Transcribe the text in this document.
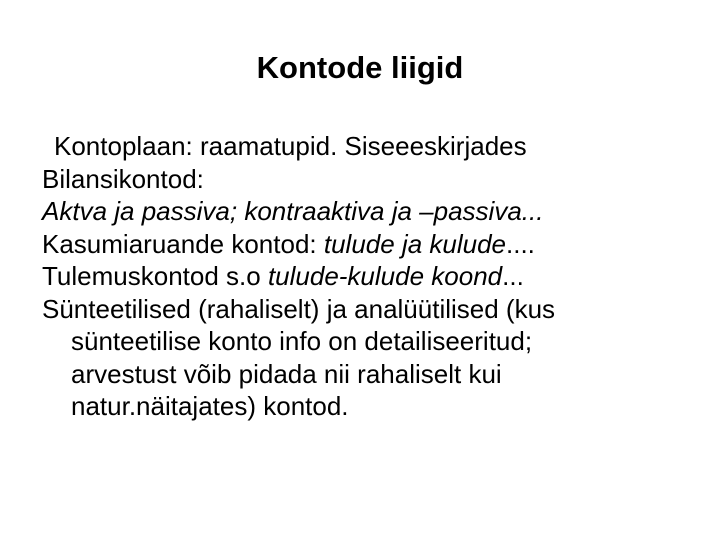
Kontode liigid
Kontoplaan: raamatupid. Siseeeskirjades
Bilansikontod:
Aktva ja passiva; kontraaktiva ja –passiva...
Kasumiaruande kontod: tulude ja kulude....
Tulemuskontod s.o tulude-kulude koond...
Sünteetilised (rahaliselt) ja analüütilised (kus
sünteetilise konto info on detailiseeritud;
arvestust võib pidada nii rahaliselt kui
natur.näitajates) kontod.
